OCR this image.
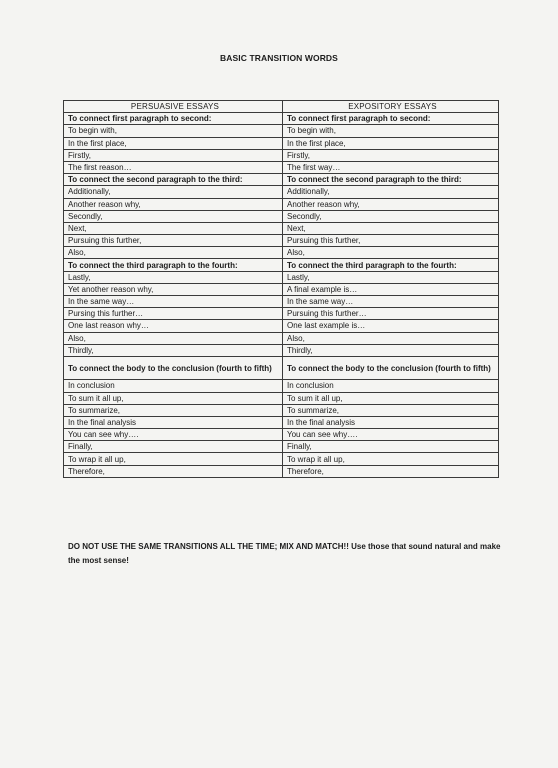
BASIC TRANSITION WORDS
PERSUASIVE ESSAYS	EXPOSITORY ESSAYS
To connect first paragraph to second:	To connect first paragraph to second:
To begin with,	To begin with,
In the first place,	In the first place,
Firstly,	Firstly,
The first reason…	The first way…
To connect the second paragraph to the third:	To connect the second paragraph to the third:
Additionally,	Additionally,
Another reason why,	Another reason why,
Secondly,	Secondly,
Next,	Next,
Pursuing this further,	Pursuing this further,
Also,	Also,
To connect the third paragraph to the fourth:	To connect the third paragraph to the fourth:
Lastly,	Lastly,
Yet another reason why,	A final example is…
In the same way…	In the same way…
Pursing this further…	Pursuing this further…
One last reason why…	One last example is…
Also,	Also,
Thirdly,	Thirdly,
To connect the body to the conclusion (fourth to fifth)	To connect the body to the conclusion (fourth to fifth)
In conclusion	In conclusion
To sum it all up,	To sum it all up,
To summarize,	To summarize,
In the final analysis	In the final analysis
You can see why….	You can see why….
Finally,	Finally,
To wrap it all up,	To wrap it all up,
Therefore,	Therefore,
DO NOT USE THE SAME TRANSITIONS ALL THE TIME; MIX AND MATCH!! Use those that sound natural and make the most sense!
